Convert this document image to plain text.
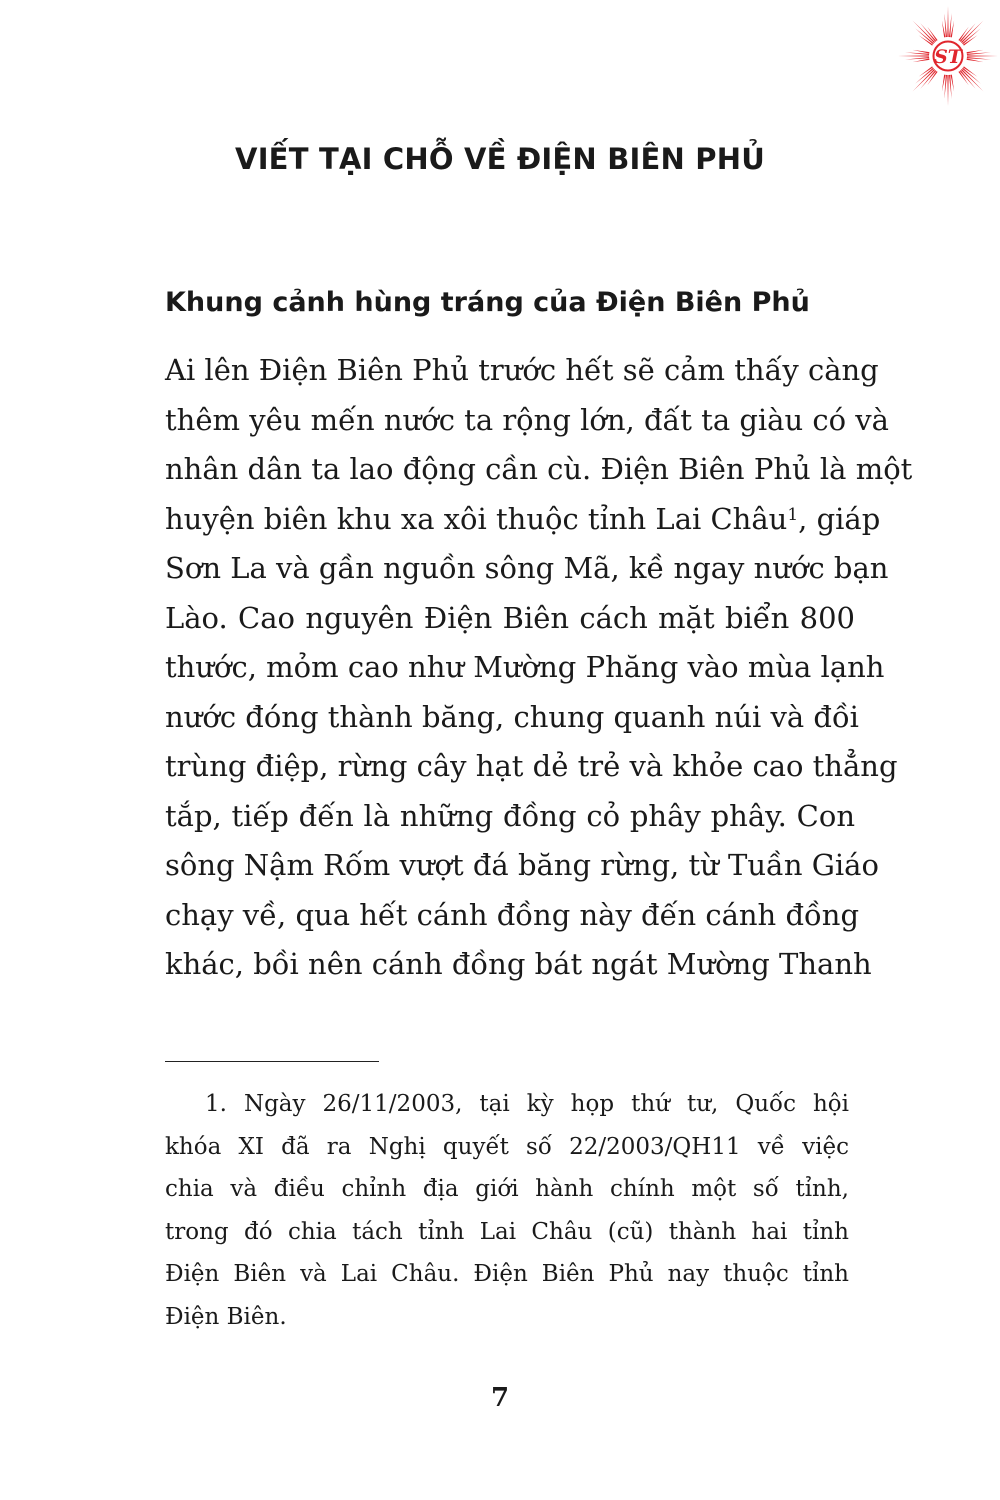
ST
VIẾT TẠI CHỖ VỀ ĐIỆN BIÊN PHỦ
Khung cảnh hùng tráng của Điện Biên Phủ
Ai lên Điện Biên Phủ trước hết sẽ cảm thấy càng
thêm yêu mến nước ta rộng lớn, đất ta giàu có và
nhân dân ta lao động cần cù. Điện Biên Phủ là một
huyện biên khu xa xôi thuộc tỉnh Lai Châu$^1$, giáp
Sơn La và gần nguồn sông Mã, kề ngay nước bạn
Lào. Cao nguyên Điện Biên cách mặt biển 800
thước, mỏm cao như Mường Phăng vào mùa lạnh
nước đóng thành băng, chung quanh núi và đồi
trùng điệp, rừng cây hạt dẻ trẻ và khỏe cao thẳng
tắp, tiếp đến là những đồng cỏ phây phây. Con
sông Nậm Rốm vượt đá băng rừng, từ Tuần Giáo
chạy về, qua hết cánh đồng này đến cánh đồng
khác, bồi nên cánh đồng bát ngát Mường Thanh
1. Ngày 26/11/2003, tại kỳ họp thứ tư, Quốc hội
khóa XI đã ra Nghị quyết số 22/2003/QH11 về việc
chia và điều chỉnh địa giới hành chính một số tỉnh,
trong đó chia tách tỉnh Lai Châu (cũ) thành hai tỉnh
Điện Biên và Lai Châu. Điện Biên Phủ nay thuộc tỉnh
Điện Biên.
7
